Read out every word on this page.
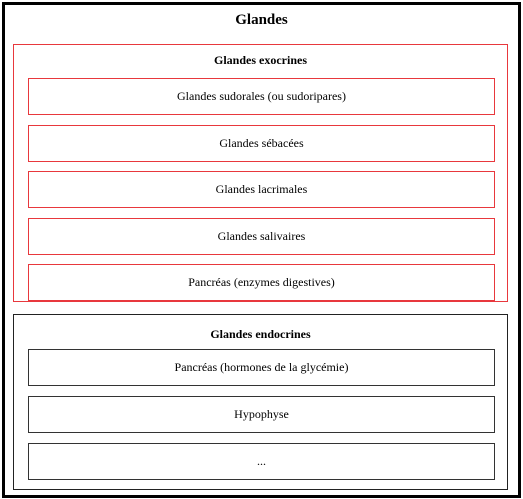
Glandes
Glandes exocrines
Glandes sudorales (ou sudoripares)
Glandes sébacées
Glandes lacrimales
Glandes salivaires
Pancréas (enzymes digestives)
Glandes endocrines
Pancréas (hormones de la glycémie)
Hypophyse
...
